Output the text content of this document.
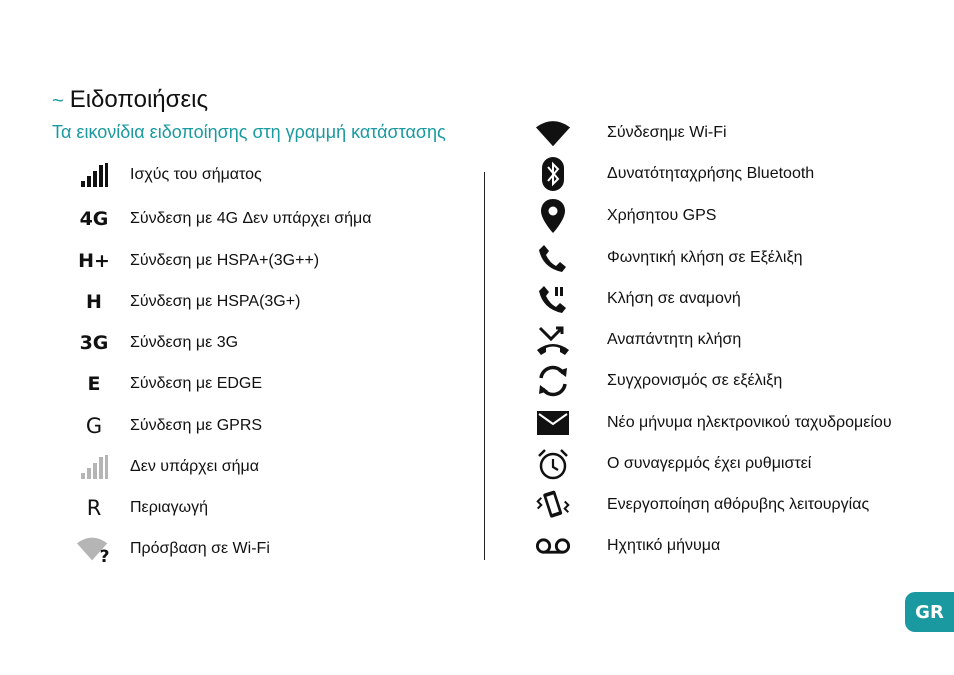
~ Ειδοποιήσεις
Τα εικονίδια ειδοποίησης στη γραμμή κατάστασης
Ισχύς του σήματος
4G Σύνδεση με 4G Δεν υπάρχει σήμα
H+ Σύνδεση με HSPA+(3G++)
H	Σύνδεση με HSPA(3G+)
3G Σύνδεση με 3G
E	Σύνδεση με EDGE
G	Σύνδεση με GPRS
Δεν υπάρχει σήμα
R	Περιαγωγή
? Πρόσβαση σε Wi-Fi
Σύνδεσημε Wi-Fi
Δυνατότηταχρήσης Bluetooth
Χρήσητου GPS
Φωνητική κλήση σε Εξέλιξη
Κλήση σε αναμονή
Αναπάντητη κλήση
Συγχρονισμός σε εξέλιξη
Νέο μήνυμα ηλεκτρονικού ταχυδρομείου
Ο συναγερμός έχει ρυθμιστεί
Ενεργοποίηση αθόρυβης λειτουργίας
Ηχητικό μήνυμα
GR
